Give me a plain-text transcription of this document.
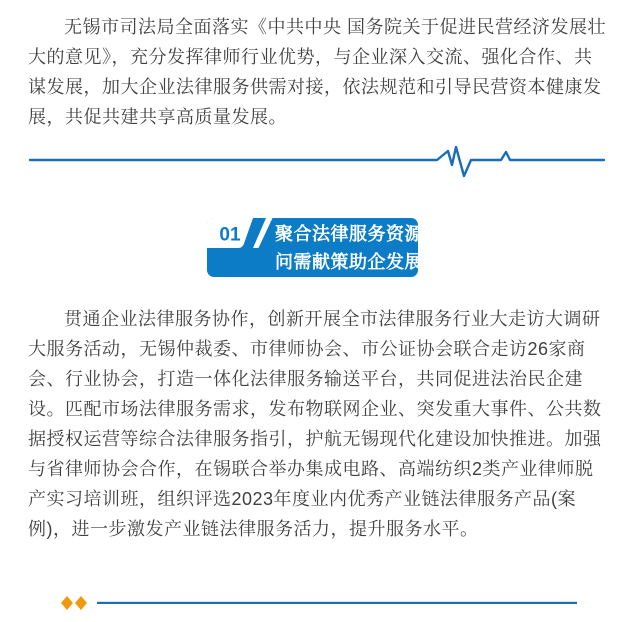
无锡市司法局全面落实《中共中央 国务院关于促进民营经济发展壮
大的意见》，充分发挥律师行业优势，与企业深入交流、强化合作、共
谋发展，加大企业法律服务供需对接，依法规范和引导民营资本健康发
展，共促共建共享高质量发展。
01 聚合法律服务资源
问需献策助企发展
贯通企业法律服务协作，创新开展全市法律服务行业大走访大调研
大服务活动，无锡仲裁委、市律师协会、市公证协会联合走访26家商
会、行业协会，打造一体化法律服务输送平台，共同促进法治民企建
设。匹配市场法律服务需求，发布物联网企业、突发重大事件、公共数
据授权运营等综合法律服务指引，护航无锡现代化建设加快推进。加强
与省律师协会合作，在锡联合举办集成电路、高端纺织2类产业律师脱
产实习培训班，组织评选2023年度业内优秀产业链法律服务产品(案
例)，进一步激发产业链法律服务活力，提升服务水平。
